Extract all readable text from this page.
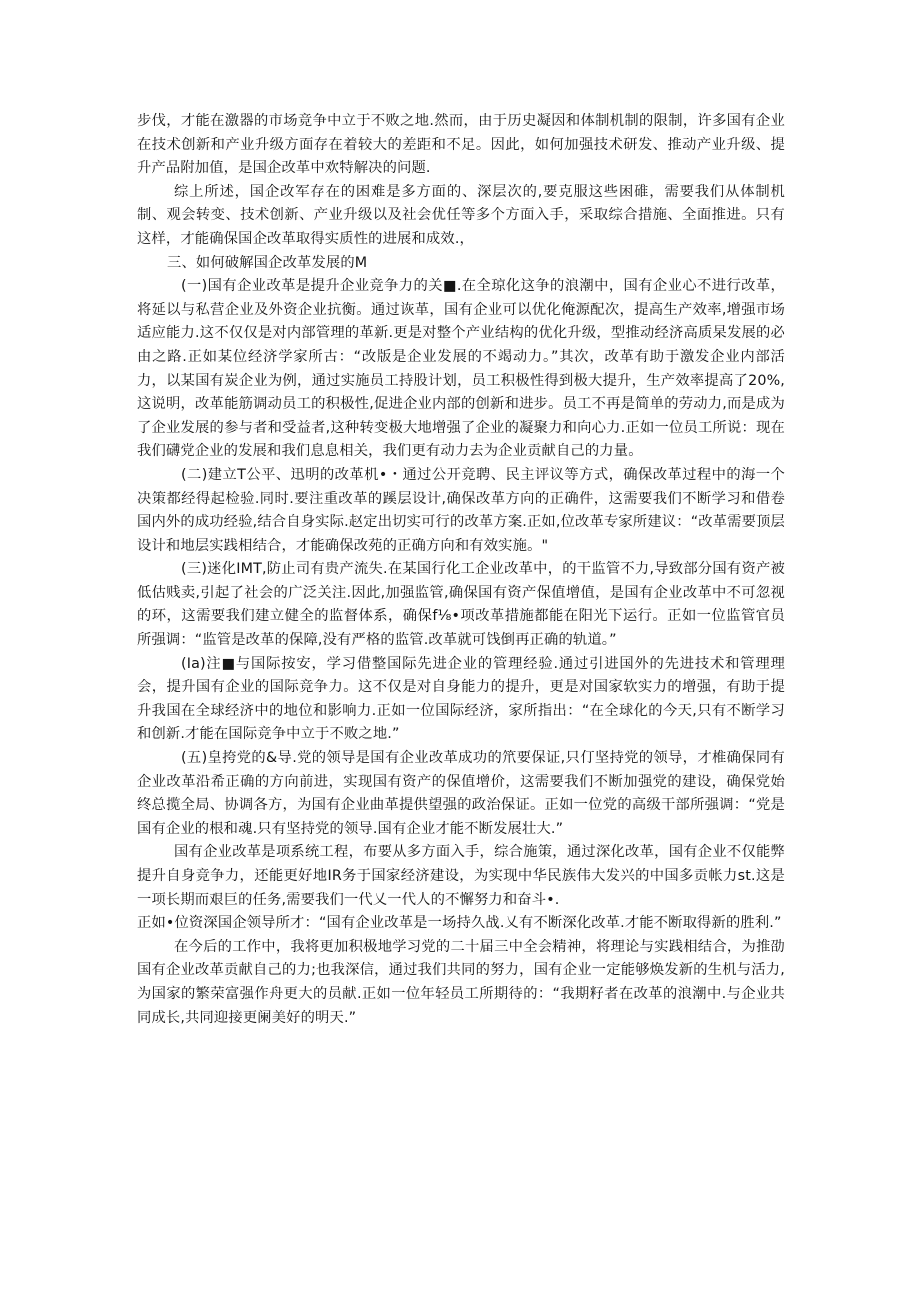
步伐，才能在激器的市场竞争中立于不败之地.然而，由于历史凝因和体制机制的限制，许多国有企业在技术创新和产业升级方面存在着较大的差距和不足。因此，如何加强技术研发、推动产业升级、提升产品附加值，是国企改革中欢特解决的问题.

综上所述，国企改军存在的困难是多方面的、深层次的,要克服这些困碓，需要我们从体制机制、观会转变、技术创新、产业升级以及社会优任等多个方面入手，采取综合措施、全面推进。只有这样，才能确保国企改革取得实质性的进展和成效.，

三、如何破解国企改革发展的M

(一)国有企业改革是提升企业竞争力的关■.在全琼化这争的浪潮中，国有企业心不进行改革，将延以与私营企业及外资企业抗衡。通过诙革，国有企业可以优化俺源配次，提高生产效率,增强市场适应能力.这不仅仅是对内部管理的革新.更是对整个产业结构的优化升级，型推动经济高质杲发展的必由之路.正如某位经济学家所古：“改版是企业发展的不竭动力。”其次，改革有助于激发企业内部活力，以某国有炭企业为例，通过实施员工持股计划，员工积极性得到极大提升，生产效率提高了20%,这说明，改革能筋调动员工的积极性,促进企业内部的创新和进步。员工不再是简单的劳动力,而是成为了企业发展的参与者和受益者,这种转变极大地增强了企业的凝聚力和向心力.正如一位员工所说：现在我们礴党企业的发展和我们息息相关，我们更有动力去为企业贡献自己的力量。

(二)建立T公平、迅明的改革机•・通过公开竞聘、民主评议等方式，确保改革过程中的海一个决策都经得起检验.同时.要注重改革的蹊层设计,确保改革方向的正确件，这需要我们不断学习和借卷国内外的成功经验,结合自身实际.赵定出切实可行的改革方案.正如,位改革专家所建议：“改革需要顶层设计和地层实践相结合，才能确保改苑的正确方向和有效实施。"

(三)迷化IMT,防止司有贵产流失.在某国行化工企业改革中，的干监管不力,导致部分国有资产被低估贱卖,引起了社会的广泛关注.因此,加强监管,确保国有资产保值增值，是国有企业改革中不可忽视的环，这需要我们建立健全的监督体系，确保f⅛•项改革措施都能在阳光下运行。正如一位监管官员所强调：“监管是改革的保障,没有严格的监管.改革就可饯倒再正确的轨道。”

(Ia)注■与国际按安，学习借整国际先进企业的管理经验.通过引进国外的先进技术和管理理会，提升国有企业的国际竞争力。这不仅是对自身能力的提升，更是对国家软实力的增强，有助于提升我国在全球经济中的地位和影响力.正如一位国际经济，家所指出：“在全球化的今天,只有不断学习和创新.才能在国际竞争中立于不败之地.”

(五)皇挎党的&导.党的领导是国有企业改革成功的笊要保证,只仃坚持党的领导，才椎确保同有企业改革沿希正确的方向前进，实现国有资产的保值增价，这需要我们不断加强党的建设，确保党始终总揽全局、协调各方，为国有企业曲革提供望强的政治保证。正如一位党的高级干部所强调：“党是国有企业的根和魂.只有坚持党的领导.国有企业才能不断发展壮大.”

国有企业改革是项系统工程，布要从多方面入手，综合施策，通过深化改革，国有企业不仅能弊提升自身竞争力，还能更好地IR务于国家经济建设，为实现中华民族伟大发兴的中国多贡帐力st.这是一项长期而艰巨的任务,需要我们一代乂一代人的不懈努力和奋斗•.

正如•位资深国企领导所才：“国有企业改革是一场持久战.乂有不断深化改革.才能不断取得新的胜利.”

在今后的工作中，我将更加积极地学习党的二十届三中全会精神，将理论与实践相结合，为推劭国有企业改革贡献自己的力;也我深信，通过我们共同的努力，国有企业一定能够焕发新的生机与活力,为国家的繁荣富强作舟更大的员献.正如一位年轻员工所期待的：“我期籽者在改革的浪潮中.与企业共同成长,共同迎接更阑美好的明天.”
